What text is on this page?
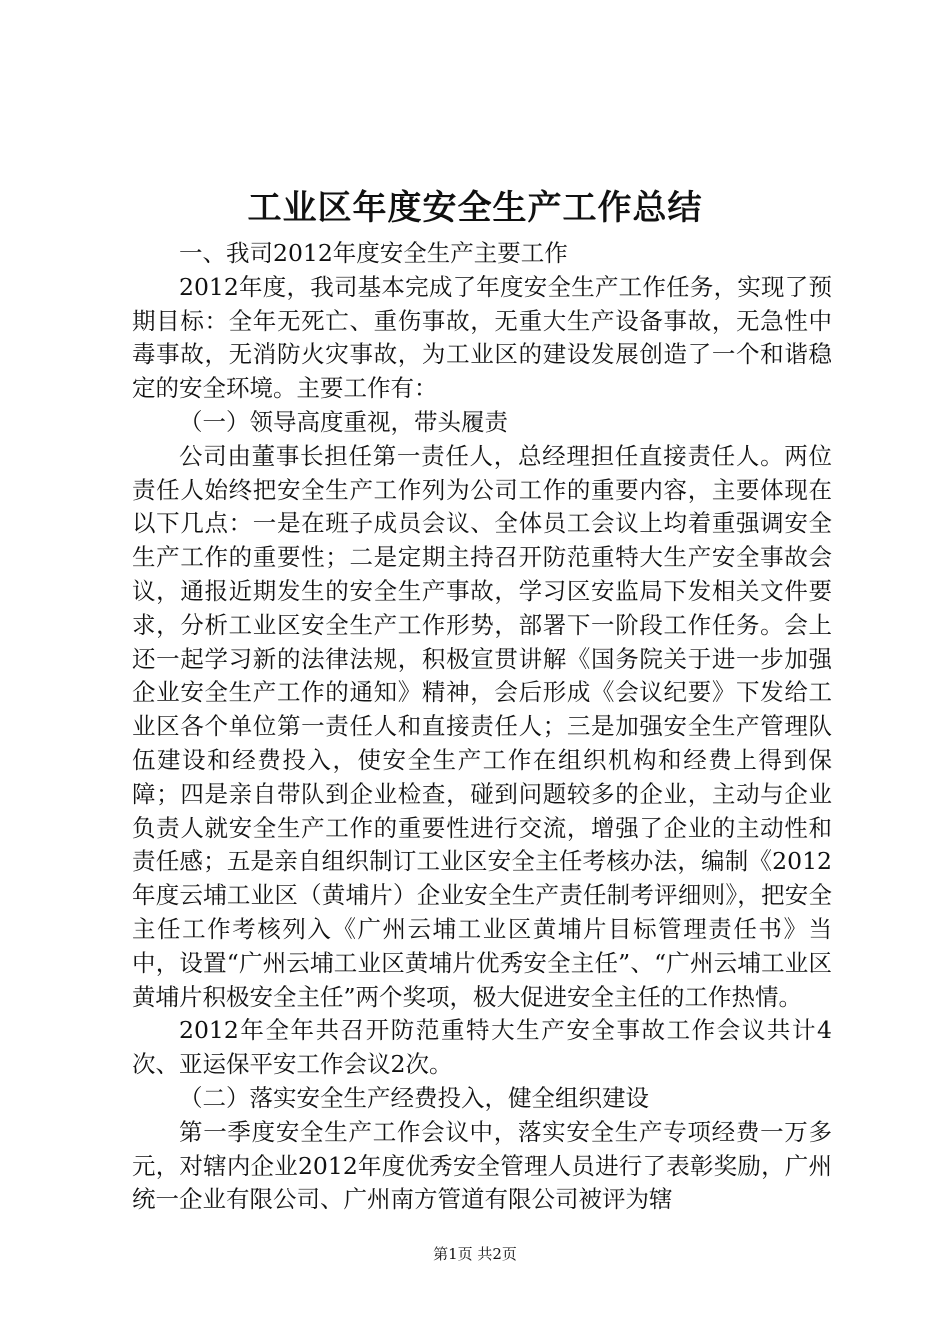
工业区年度安全生产工作总结

一、我司2012年度安全生产主要工作

2012年度，我司基本完成了年度安全生产工作任务，实现了预期目标：全年无死亡、重伤事故，无重大生产设备事故，无急性中毒事故，无消防火灾事故，为工业区的建设发展创造了一个和谐稳定的安全环境。主要工作有：

（一）领导高度重视，带头履责

公司由董事长担任第一责任人，总经理担任直接责任人。两位责任人始终把安全生产工作列为公司工作的重要内容，主要体现在以下几点：一是在班子成员会议、全体员工会议上均着重强调安全生产工作的重要性；二是定期主持召开防范重特大生产安全事故会议，通报近期发生的安全生产事故，学习区安监局下发相关文件要求，分析工业区安全生产工作形势，部署下一阶段工作任务。会上还一起学习新的法律法规，积极宣贯讲解《国务院关于进一步加强企业安全生产工作的通知》精神，会后形成《会议纪要》下发给工业区各个单位第一责任人和直接责任人；三是加强安全生产管理队伍建设和经费投入，使安全生产工作在组织机构和经费上得到保障；四是亲自带队到企业检查，碰到问题较多的企业，主动与企业负责人就安全生产工作的重要性进行交流，增强了企业的主动性和责任感；五是亲自组织制订工业区安全主任考核办法，编制《2012年度云埔工业区（黄埔片）企业安全生产责任制考评细则》，把安全主任工作考核列入《广州云埔工业区黄埔片目标管理责任书》当中，设置“广州云埔工业区黄埔片优秀安全主任”、“广州云埔工业区黄埔片积极安全主任”两个奖项，极大促进安全主任的工作热情。

2012年全年共召开防范重特大生产安全事故工作会议共计4次、亚运保平安工作会议2次。

（二）落实安全生产经费投入，健全组织建设

第一季度安全生产工作会议中，落实安全生产专项经费一万多元，对辖内企业2012年度优秀安全管理人员进行了表彰奖励，广州统一企业有限公司、广州南方管道有限公司被评为辖

第1页 共2页
